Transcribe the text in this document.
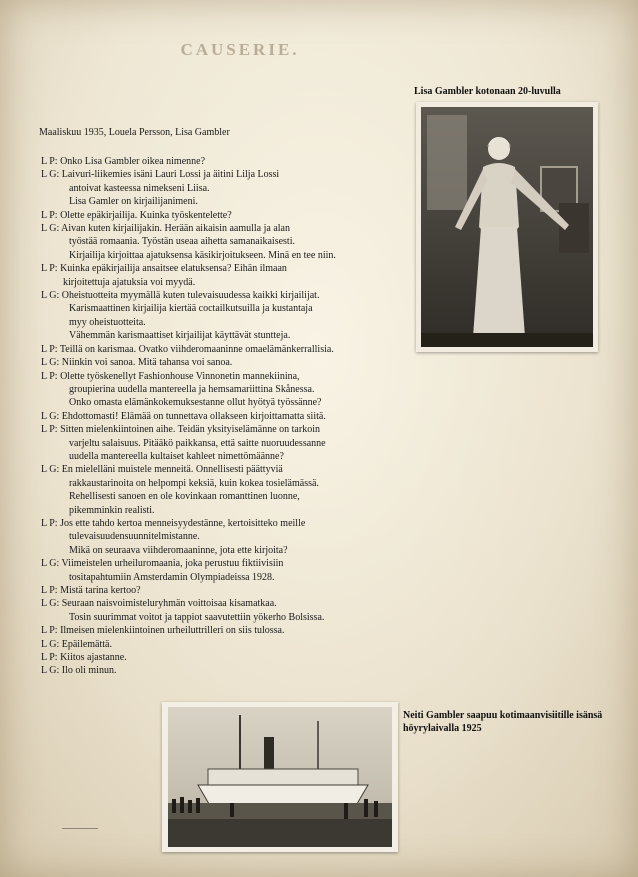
CAUSERIE.
Lisa Gambler kotonaan 20-luvulla
Maaliskuu 1935, Louela Persson, Lisa Gambler
L P: Onko Lisa Gambler oikea nimenne?
L G: Laivuri-liikemies isäni Lauri Lossi ja äitini Lilja Lossi
antoivat kasteessa nimekseni Liisa.
Lisa Gamler on kirjailijanimeni.
L P: Olette epäkirjailija. Kuinka työskentelette?
L G: Aivan kuten kirjailijakin. Herään aikaisin aamulla ja alan
työstää romaania. Työstän useaa aihetta samanaikaisesti.
Kirjailija kirjoittaa ajatuksensa käsikirjoitukseen. Minä en tee niin.
L P: Kuinka epäkirjailija ansaitsee elatuksensa? Eihän ilmaan
kirjoitettuja ajatuksia voi myydä.
L G: Oheistuotteita myymällä kuten tulevaisuudessa kaikki kirjailijat.
Karismaattinen kirjailija kiertää coctailkutsuilla ja kustantaja
myy oheistuotteita.
Vähemmän karismaattiset kirjailijat käyttävät stuntteja.
L P: Teillä on karismaa. Ovatko viihderomaaninne omaelämänkerrallisia.
L G: Niinkin voi sanoa. Mitä tahansa voi sanoa.
L P: Olette työskenellyt Fashionhouse Vinnonetin mannekiinina,
groupierina uudella mantereella ja hemsamariittina Skånessa.
Onko omasta elämänkokemuksestanne ollut hyötyä työssänne?
L G: Ehdottomasti! Elämää on tunnettava ollakseen kirjoittamatta siitä.
L P: Sitten mielenkiintoinen aihe. Teidän yksityiselämänne on tarkoin
varjeltu salaisuus. Pitääkö paikkansa, että saitte nuoruudessanne
uudella mantereella kultaiset kahleet nimettömäänne?
L G: En mielelläni muistele menneitä. Onnellisesti päättyviä
rakkaustarinoita on helpompi keksiä, kuin kokea tosielämässä.
Rehellisesti sanoen en ole kovinkaan romanttinen luonne,
pikemminkin realisti.
L P: Jos ette tahdo kertoa menneisyydestänne, kertoisitteko meille
tulevaisuudensuunnitelmistanne.
Mikä on seuraava viihderomaaninne, jota ette kirjoita?
L G: Viimeistelen urheiluromaania, joka perustuu fiktiivisiin
tositapahtumiin Amsterdamin Olympiadeissa 1928.
L P: Mistä tarina kertoo?
L G: Seuraan naisvoimisteluryhmän voittoisaa kisamatkaa.
Tosin suurimmat voitot ja tappiot saavutettiin yökerho Bolsissa.
L P: Ilmeisen mielenkiintoinen urheiluttrilleri on siis tulossa.
L G: Epäilemättä.
L P: Kiitos ajastanne.
L G: Ilo oli minun.
Neiti Gambler saapuu kotimaanvisiitille isänsä höyrylaivalla 1925
